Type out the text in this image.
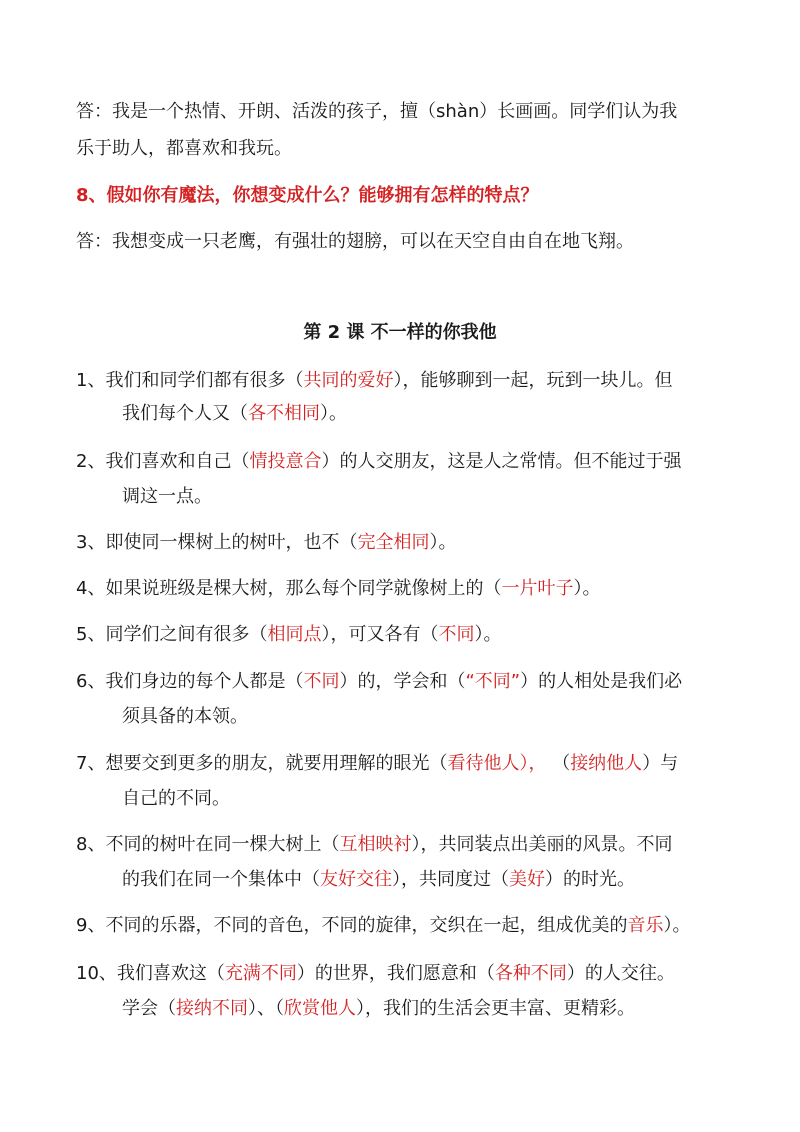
答：我是一个热情、开朗、活泼的孩子，擅（shàn）长画画。同学们认为我
乐于助人，都喜欢和我玩。
8、假如你有魔法，你想变成什么？能够拥有怎样的特点？
答：我想变成一只老鹰，有强壮的翅膀，可以在天空自由自在地飞翔。
第 2 课 不一样的你我他
1、我们和同学们都有很多（共同的爱好），能够聊到一起，玩到一块儿。但
我们每个人又（各不相同）。
2、我们喜欢和自己（情投意合）的人交朋友，这是人之常情。但不能过于强
调这一点。
3、即使同一棵树上的树叶，也不（完全相同）。
4、如果说班级是棵大树，那么每个同学就像树上的（一片叶子）。
5、同学们之间有很多（相同点），可又各有（不同）。
6、我们身边的每个人都是（不同）的，学会和（“不同”）的人相处是我们必
须具备的本领。
7、想要交到更多的朋友，就要用理解的眼光（看待他人）， （接纳他人）与
自己的不同。
8、不同的树叶在同一棵大树上（互相映衬），共同装点出美丽的风景。不同
的我们在同一个集体中（友好交往），共同度过（美好）的时光。
9、不同的乐器，不同的音色，不同的旋律，交织在一起，组成优美的音乐）。
10、我们喜欢这（充满不同）的世界，我们愿意和（各种不同）的人交往。
学会（接纳不同）、（欣赏他人），我们的生活会更丰富、更精彩。
